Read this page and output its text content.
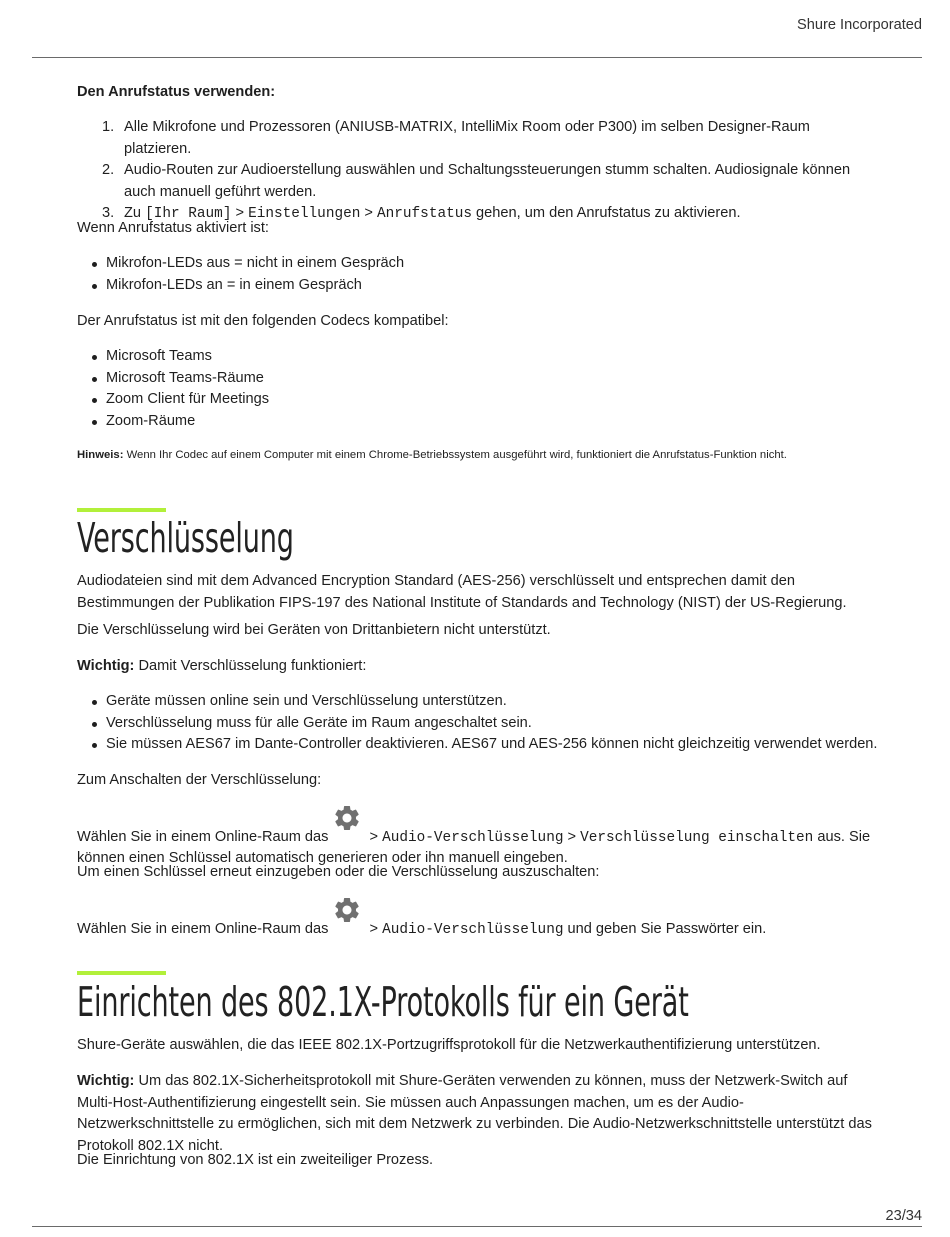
Shure Incorporated

Den Anrufstatus verwenden:

1. Alle Mikrofone und Prozessoren (ANIUSB-MATRIX, IntelliMix Room oder P300) im selben Designer-Raum platzieren.
2. Audio-Routen zur Audioerstellung auswählen und Schaltungssteuerungen stumm schalten. Audiosignale können auch manuell geführt werden.
3. Zu [Ihr Raum] > Einstellungen > Anrufstatus gehen, um den Anrufstatus zu aktivieren.

Wenn Anrufstatus aktiviert ist:

Mikrofon-LEDs aus = nicht in einem Gespräch
Mikrofon-LEDs an = in einem Gespräch

Der Anrufstatus ist mit den folgenden Codecs kompatibel:

Microsoft Teams
Microsoft Teams-Räume
Zoom Client für Meetings
Zoom-Räume

Hinweis: Wenn Ihr Codec auf einem Computer mit einem Chrome-Betriebssystem ausgeführt wird, funktioniert die Anrufstatus-Funktion nicht.

Verschlüsselung

Audiodateien sind mit dem Advanced Encryption Standard (AES-256) verschlüsselt und entsprechen damit den Bestimmungen der Publikation FIPS-197 des National Institute of Standards and Technology (NIST) der US-Regierung.

Die Verschlüsselung wird bei Geräten von Drittanbietern nicht unterstützt.

Wichtig: Damit Verschlüsselung funktioniert:

Geräte müssen online sein und Verschlüsselung unterstützen.
Verschlüsselung muss für alle Geräte im Raum angeschaltet sein.
Sie müssen AES67 im Dante-Controller deaktivieren. AES67 und AES-256 können nicht gleichzeitig verwendet werden.

Zum Anschalten der Verschlüsselung:

Wählen Sie in einem Online-Raum das	> Audio-Verschlüsselung > Verschlüsselung einschalten aus. Sie können einen Schlüssel automatisch generieren oder ihn manuell eingeben.

Um einen Schlüssel erneut einzugeben oder die Verschlüsselung auszuschalten:

Wählen Sie in einem Online-Raum das	> Audio-Verschlüsselung und geben Sie Passwörter ein.

Einrichten des 802.1X-Protokolls für ein Gerät

Shure-Geräte auswählen, die das IEEE 802.1X-Portzugriffsprotokoll für die Netzwerkauthentifizierung unterstützen.

Wichtig: Um das 802.1X-Sicherheitsprotokoll mit Shure-Geräten verwenden zu können, muss der Netzwerk-Switch auf Multi-Host-Authentifizierung eingestellt sein. Sie müssen auch Anpassungen machen, um es der Audio-Netzwerkschnittstelle zu ermöglichen, sich mit dem Netzwerk zu verbinden. Die Audio-Netzwerkschnittstelle unterstützt das Protokoll 802.1X nicht.

Die Einrichtung von 802.1X ist ein zweiteiliger Prozess.

23/34
